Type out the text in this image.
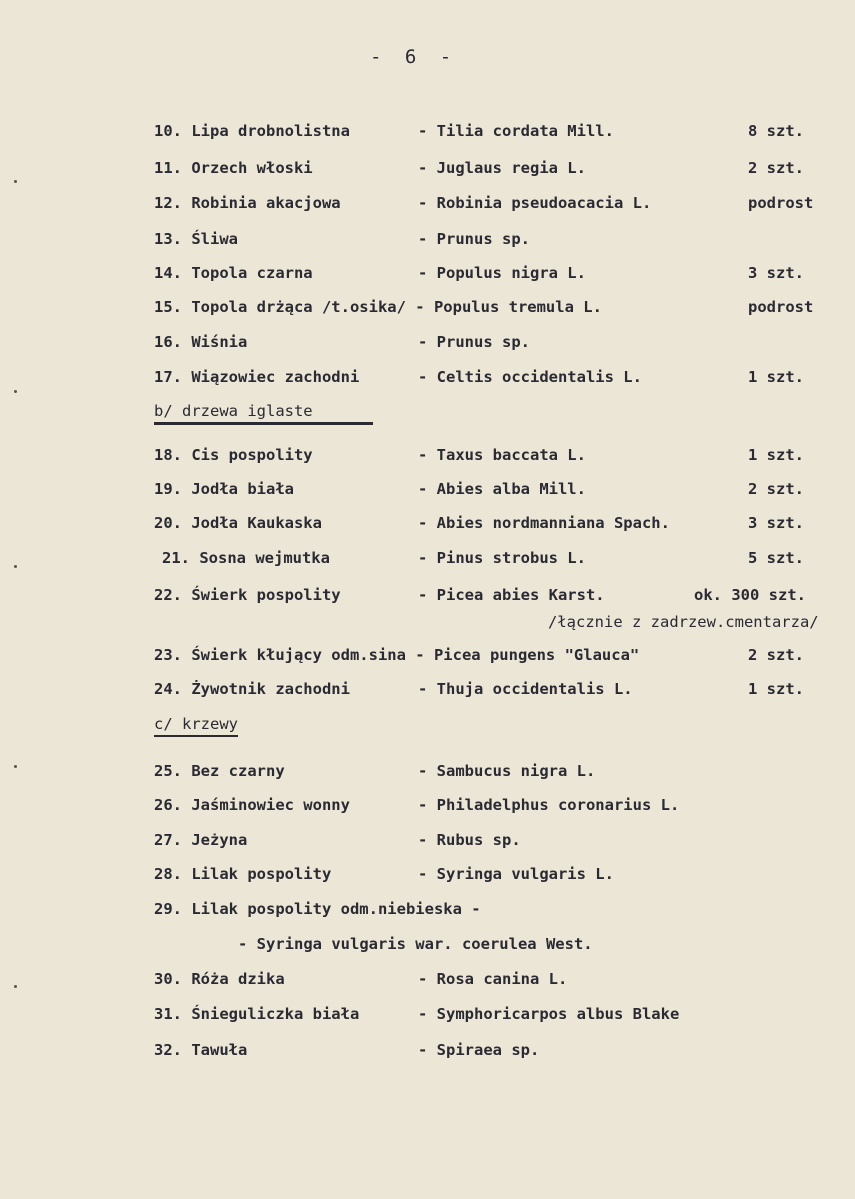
- 6 -
10. Lipa drobnolistna	- Tilia cordata Mill.	8 szt.
11. Orzech włoski	- Juglaus regia L.	2 szt.
12. Robinia akacjowa	- Robinia pseudoacacia L.	podrost
13. Śliwa	- Prunus sp.
14. Topola czarna	- Populus nigra L.	3 szt.
15. Topola drżąca /t.osika/ - Populus tremula L.	podrost
16. Wiśnia	- Prunus sp.
17. Wiązowiec zachodni	- Celtis occidentalis L.	1 szt.
b/ drzewa iglaste
18. Cis pospolity	- Taxus baccata L.	1 szt.
19. Jodła biała	- Abies alba Mill.	2 szt.
20. Jodła Kaukaska	- Abies nordmanniana Spach.	3 szt.
21. Sosna wejmutka	- Pinus strobus L.	5 szt.
22. Świerk pospolity	- Picea abies Karst.	ok. 300 szt.
/łącznie z zadrzew.cmentarza/
23. Świerk kłujący odm.sina - Picea pungens "Glauca"	2 szt.
24. Żywotnik zachodni	- Thuja occidentalis L.	1 szt.
c/ krzewy
25. Bez czarny	- Sambucus nigra L.
26. Jaśminowiec wonny	- Philadelphus coronarius L.
27. Jeżyna	- Rubus sp.
28. Lilak pospolity	- Syringa vulgaris L.
29. Lilak pospolity odm.niebieska -
- Syringa vulgaris war. coerulea West.
30. Róża dzika	- Rosa canina L.
31. Śnieguliczka biała	- Symphoricarpos albus Blake
32. Tawuła	- Spiraea sp.
